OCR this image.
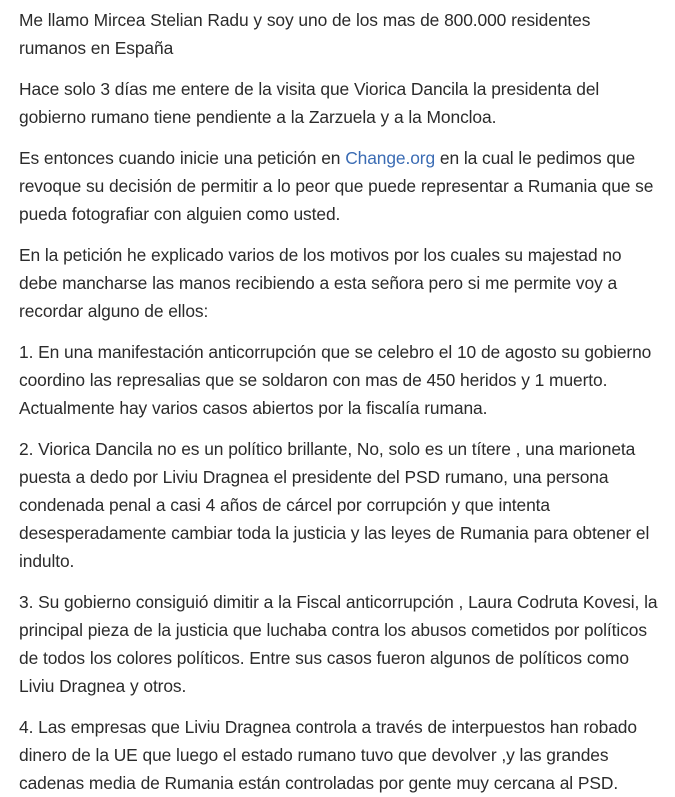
Me llamo Mircea Stelian Radu y soy uno de los mas de 800.000 residentes rumanos en España

Hace solo 3 días me entere de la visita que Viorica Dancila la presidenta del gobierno rumano tiene pendiente a la Zarzuela y a la Moncloa.

Es entonces cuando inicie una petición en Change.org en la cual le pedimos que revoque su decisión de permitir a lo peor que puede representar a Rumania que se pueda fotografiar con alguien como usted.

En la petición he explicado varios de los motivos por los cuales su majestad no debe mancharse las manos recibiendo a esta señora pero si me permite voy a recordar alguno de ellos:

1. En una manifestación anticorrupción que se celebro el 10 de agosto su gobierno coordino las represalias que se soldaron con mas de 450 heridos y 1 muerto. Actualmente hay varios casos abiertos por la fiscalía rumana.

2. Viorica Dancila no es un político brillante, No, solo es un títere , una marioneta puesta a dedo por Liviu Dragnea el presidente del PSD rumano, una persona condenada penal a casi 4 años de cárcel por corrupción y que intenta desesperadamente cambiar toda la justicia y las leyes de Rumania para obtener el indulto.

3. Su gobierno consiguió dimitir a la Fiscal anticorrupción , Laura Codruta Kovesi, la principal pieza de la justicia que luchaba contra los abusos cometidos por políticos de todos los colores políticos. Entre sus casos fueron algunos de políticos como Liviu Dragnea y otros.

4. Las empresas que Liviu Dragnea controla a través de interpuestos han robado dinero de la UE que luego el estado rumano tuvo que devolver ,y las grandes cadenas media de Rumania están controladas por gente muy cercana al PSD.
